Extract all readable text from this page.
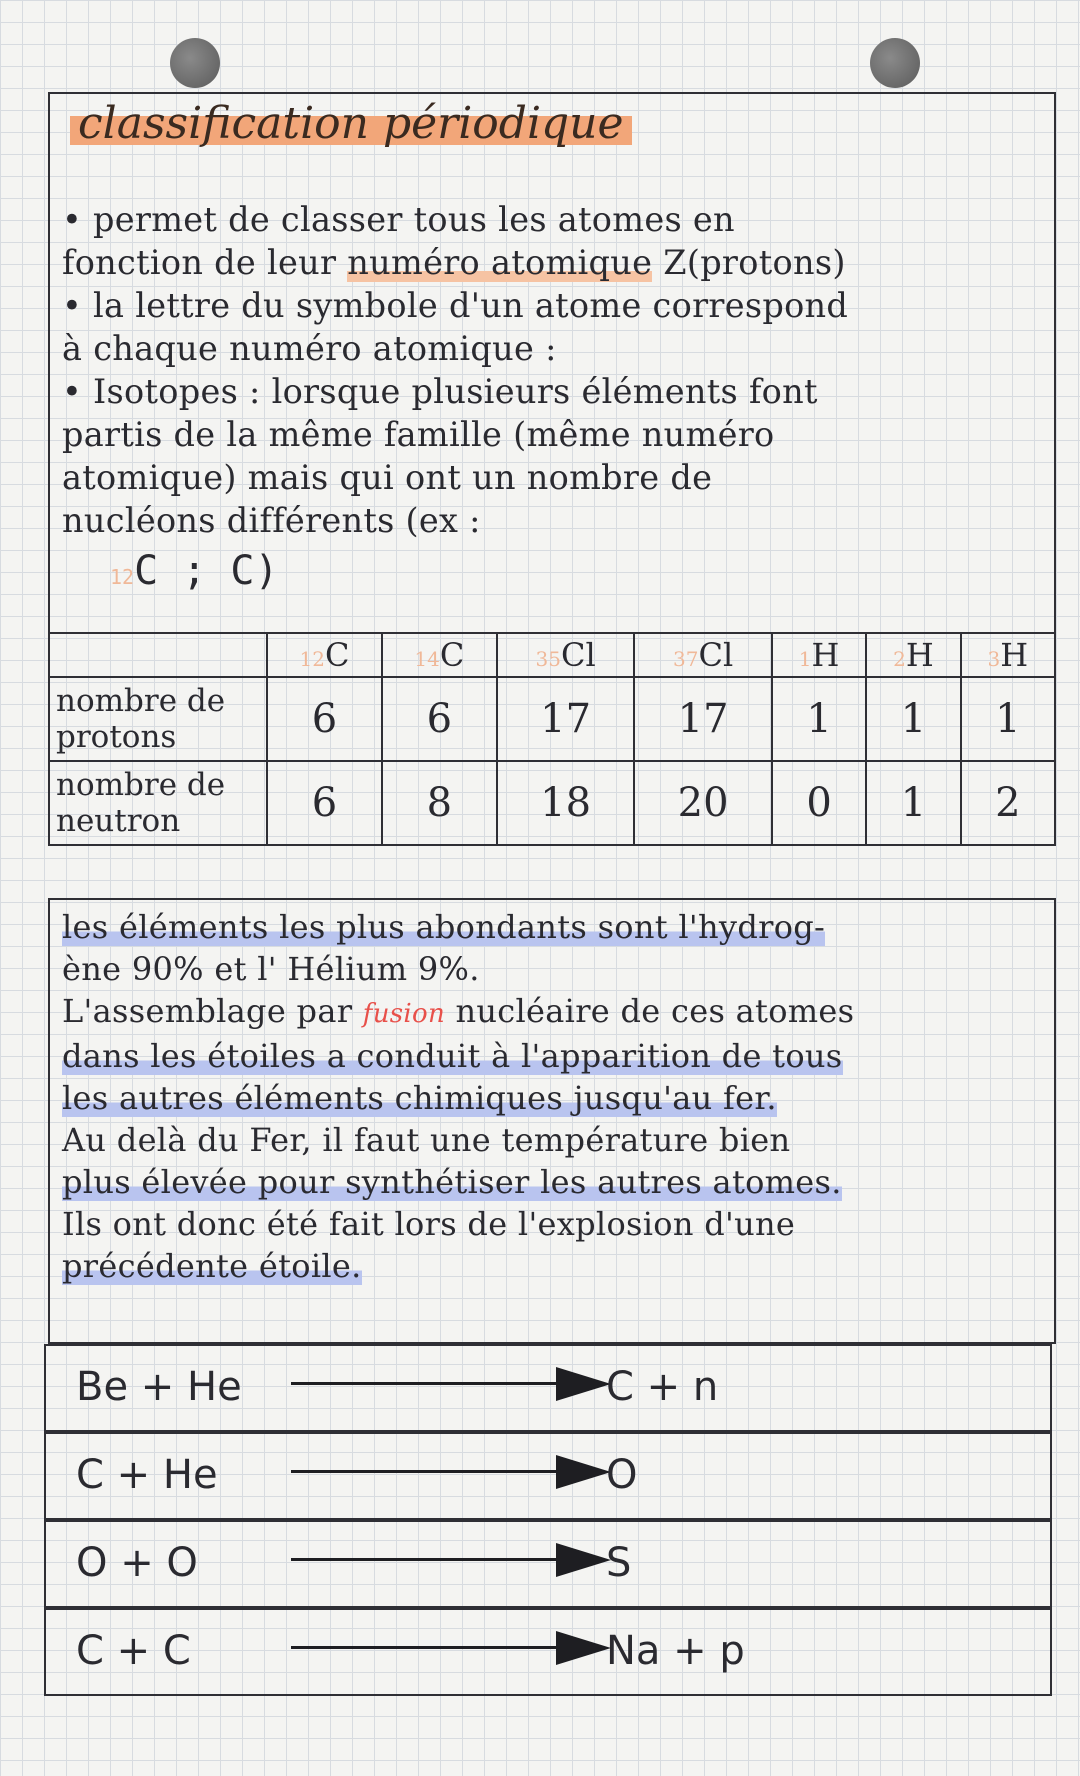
classification périodique
• permet de classer tous les atomes en
fonction de leur numéro atomique Z(protons)
• la lettre du symbole d'un atome correspond
à chaque numéro atomique :
• Isotopes : lorsque plusieurs éléments font
partis de la même famille (même numéro
atomique) mais qui ont un nombre de
nucléons différents (ex :
12C ; C)
	12C	14C	35Cl	37Cl	1H	2H	3H
nombre de protons	6	6	17	17	1	1	1
nombre de neutron	6	8	18	20	0	1	2
les éléments les plus abondants sont l'hydrog-
ène 90% et l' Hélium 9%.
L'assemblage par fusion nucléaire de ces atomes
dans les étoiles a conduit à l'apparition de tous
les autres éléments chimiques jusqu'au fer.
Au delà du Fer, il faut une température bien
plus élevée pour synthétiser les autres atomes.
Ils ont donc été fait lors de l'explosion d'une
précédente étoile.
Be + He	C + n
C + He	O
O + O	S
C + C	Na + p
